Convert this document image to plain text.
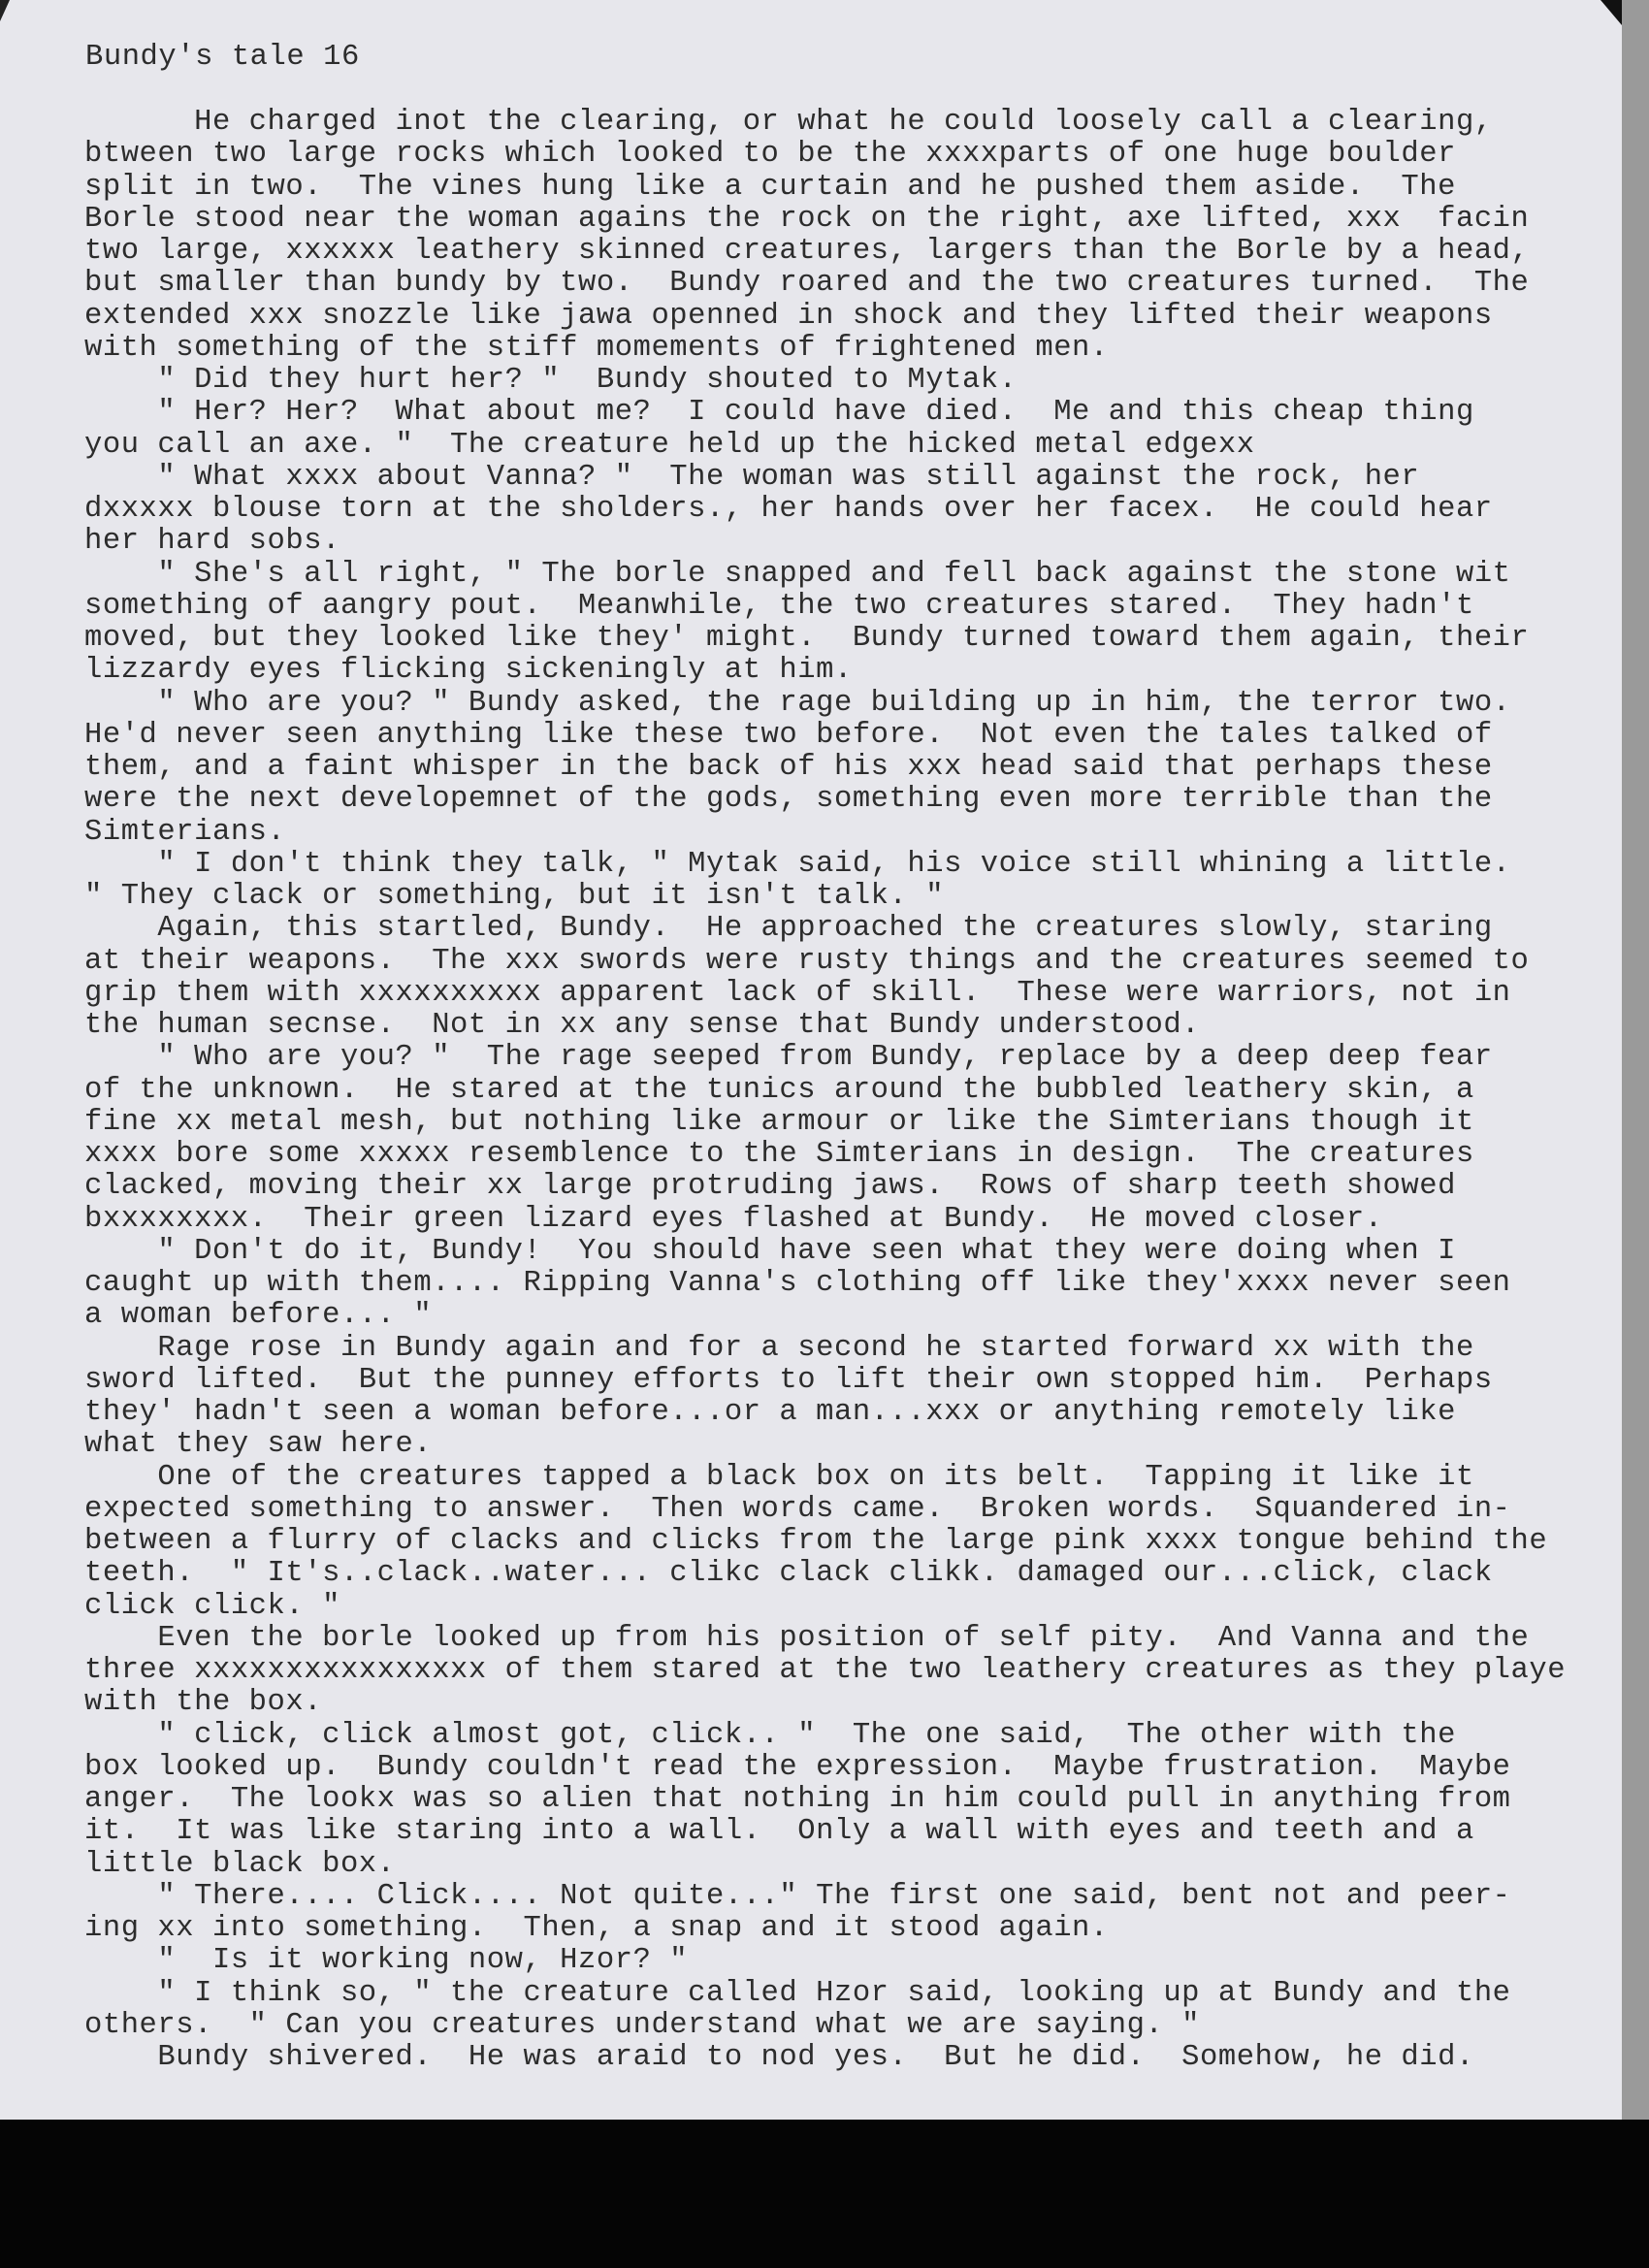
Bundy's tale 16
He charged inot the clearing, or what he could loosely call a clearing,
btween two large rocks which looked to be the xxxxparts of one huge boulder
split in two.  The vines hung like a curtain and he pushed them aside.  The
Borle stood near the woman agains the rock on the right, axe lifted, xxx  facin
two large, xxxxxx leathery skinned creatures, largers than the Borle by a head,
but smaller than bundy by two.  Bundy roared and the two creatures turned.  The
extended xxx snozzle like jawa openned in shock and they lifted their weapons
with something of the stiff momements of frightened men.
" Did they hurt her? "  Bundy shouted to Mytak.
" Her? Her?  What about me?  I could have died.  Me and this cheap thing
you call an axe. "  The creature held up the hicked metal edgexx
" What xxxx about Vanna? "  The woman was still against the rock, her
dxxxxx blouse torn at the sholders., her hands over her facex.  He could hear
her hard sobs.
" She's all right, " The borle snapped and fell back against the stone wit
something of aangry pout.  Meanwhile, the two creatures stared.  They hadn't
moved, but they looked like they' might.  Bundy turned toward them again, their
lizzardy eyes flicking sickeningly at him.
" Who are you? " Bundy asked, the rage building up in him, the terror two.
He'd never seen anything like these two before.  Not even the tales talked of
them, and a faint whisper in the back of his xxx head said that perhaps these
were the next developemnet of the gods, something even more terrible than the
Simterians.
" I don't think they talk, " Mytak said, his voice still whining a little.
" They clack or something, but it isn't talk. "
Again, this startled, Bundy.  He approached the creatures slowly, staring
at their weapons.  The xxx swords were rusty things and the creatures seemed to
grip them with xxxxxxxxxx apparent lack of skill.  These were warriors, not in
the human secnse.  Not in xx any sense that Bundy understood.
" Who are you? "  The rage seeped from Bundy, replace by a deep deep fear
of the unknown.  He stared at the tunics around the bubbled leathery skin, a
fine xx metal mesh, but nothing like armour or like the Simterians though it
xxxx bore some xxxxx resemblence to the Simterians in design.  The creatures
clacked, moving their xx large protruding jaws.  Rows of sharp teeth showed
bxxxxxxxx.  Their green lizard eyes flashed at Bundy.  He moved closer.
" Don't do it, Bundy!  You should have seen what they were doing when I
caught up with them.... Ripping Vanna's clothing off like they'xxxx never seen
a woman before... "
Rage rose in Bundy again and for a second he started forward xx with the
sword lifted.  But the punney efforts to lift their own stopped him.  Perhaps
they' hadn't seen a woman before...or a man...xxx or anything remotely like
what they saw here.
One of the creatures tapped a black box on its belt.  Tapping it like it
expected something to answer.  Then words came.  Broken words.  Squandered in-
between a flurry of clacks and clicks from the large pink xxxx tongue behind the
teeth.  " It's..clack..water... clikc clack clikk. damaged our...click, clack
click click. "
Even the borle looked up from his position of self pity.  And Vanna and the
three xxxxxxxxxxxxxxxx of them stared at the two leathery creatures as they playe
with the box.
" click, click almost got, click.. "  The one said,  The other with the
box looked up.  Bundy couldn't read the expression.  Maybe frustration.  Maybe
anger.  The lookx was so alien that nothing in him could pull in anything from
it.  It was like staring into a wall.  Only a wall with eyes and teeth and a
little black box.
" There.... Click.... Not quite..." The first one said, bent not and peer-
ing xx into something.  Then, a snap and it stood again.
"  Is it working now, Hzor? "
" I think so, " the creature called Hzor said, looking up at Bundy and the
others.  " Can you creatures understand what we are saying. "
Bundy shivered.  He was araid to nod yes.  But he did.  Somehow, he did.
